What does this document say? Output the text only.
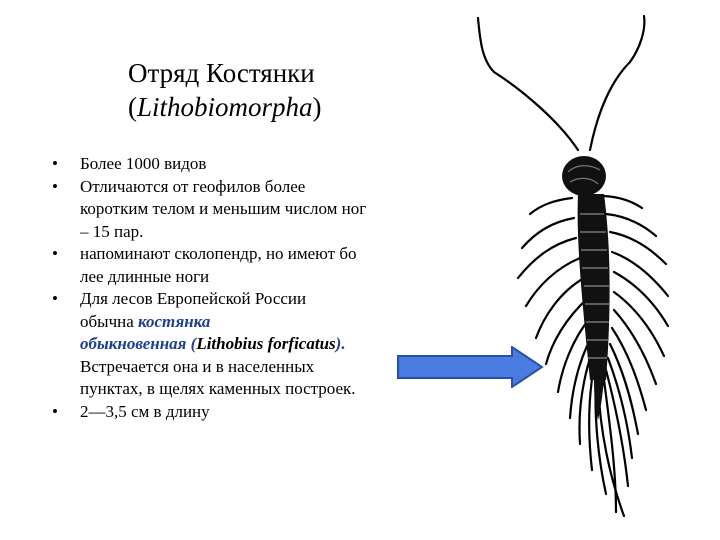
Отряд Костянки
(Lithobiomorpha)
• Более 1000 видов
• Отличаются от геофилов более
коротким телом и меньшим числом ног
– 15 пар.
• напоминают сколопендр, но имеют бо
лее длинные ноги
• Для лесов Европейской России
обычна костянка
обыкновенная (Lithobius forficatus).
Встречается она и в населенных
пунктах, в щелях каменных построек.
• 2—3,5 см в длину
